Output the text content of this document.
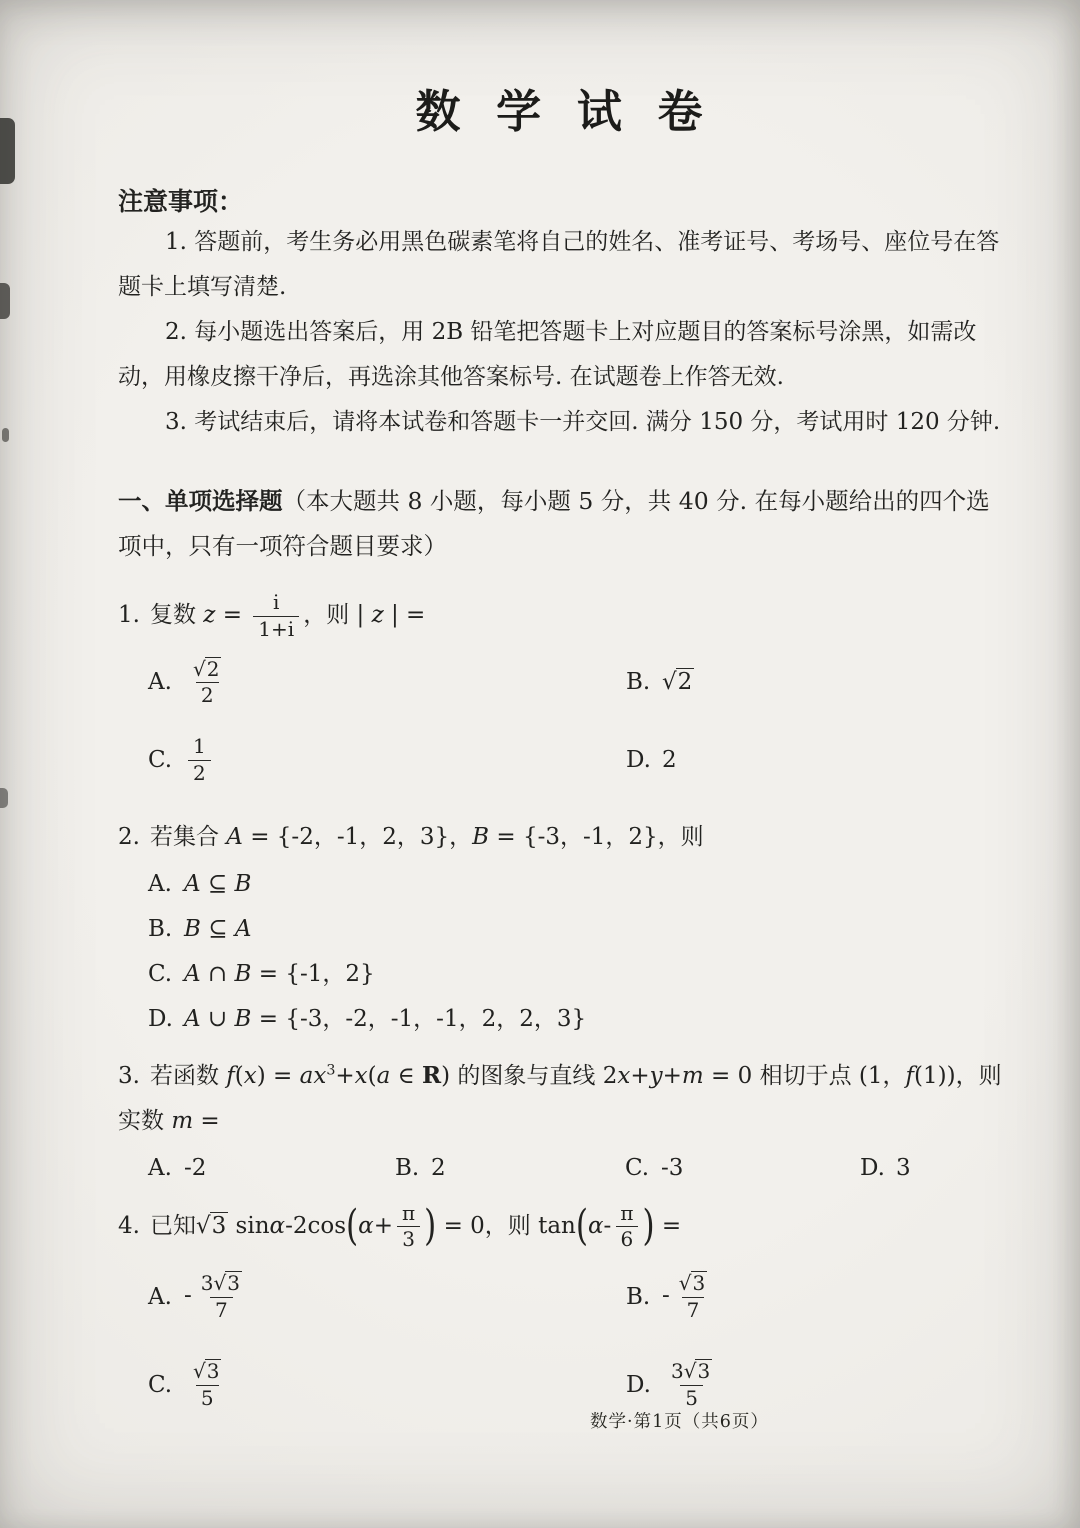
数 学 试 卷
注意事项：

1. 答题前，考生务必用黑色碳素笔将自己的姓名、准考证号、考场号、座位号在答题卡上填写清楚.

2. 每小题选出答案后，用 2B 铅笔把答题卡上对应题目的答案标号涂黑，如需改动，用橡皮擦干净后，再选涂其他答案标号. 在试题卷上作答无效.

3. 考试结束后，请将本试卷和答题卡一并交回. 满分 150 分，考试用时 120 分钟.

一、单项选择题（本大题共 8 小题，每小题 5 分，共 40 分. 在每小题给出的四个选项中，只有一项符合题目要求）
1. 复数 $z = \frac{i}{1+i}$ ，则 | z | =
A. $\frac{√2}{2}$	B. √2
C. $\frac{1}{2}$	D. 2
2. 若集合 A = {-2，-1，2，3}，B = {-3，-1，2}，则
A. A ⊆ B
B. B ⊆ A
C. A ∩ B = {-1，2}
D. A ∪ B = {-3，-2，-1，-1，2，2，3}
3. 若函数 $f(x) = ax^3+x(a$ ∈ R) 的图象与直线 2x+y+m = 0 相切于点 (1，f(1))，则实数 m =
A. -2	B. 2	C. -3	D. 3
4. 已知√3 $\sin\alpha-2\cos(\alpha+ \frac{\pi}{3}$ ) = 0，则 $\tan(\alpha- \frac{\pi}{6}$ ) =
A. - $\frac{3√3}{7}$	B. - $\frac{√3}{7}$
C. $\frac{√3}{5}$	D. $\frac{3√3}{5}$
数学·第1页（共6页）
